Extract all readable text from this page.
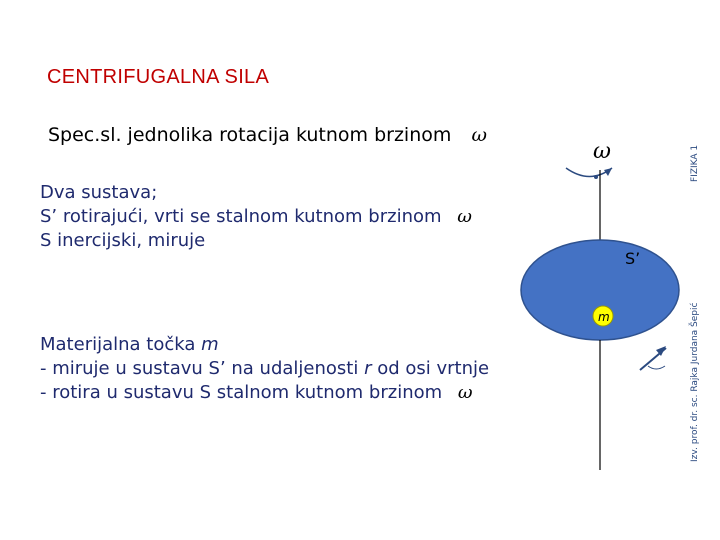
CENTRIFUGALNA SILA
Spec.sl. jednolika rotacija kutnom brzinom ω
Dva sustava;
S’ rotirajući, vrti se stalnom kutnom brzinom ω
S inercijski, miruje
Materijalna točka m
- miruje u sustavu S’ na udaljenosti r od osi vrtnje
- rotira u sustavu S stalnom kutnom brzinom ω
ω
S’
m
FIZIKA 1
Izv. prof. dr. sc. Rajka Jurdana Šepić
